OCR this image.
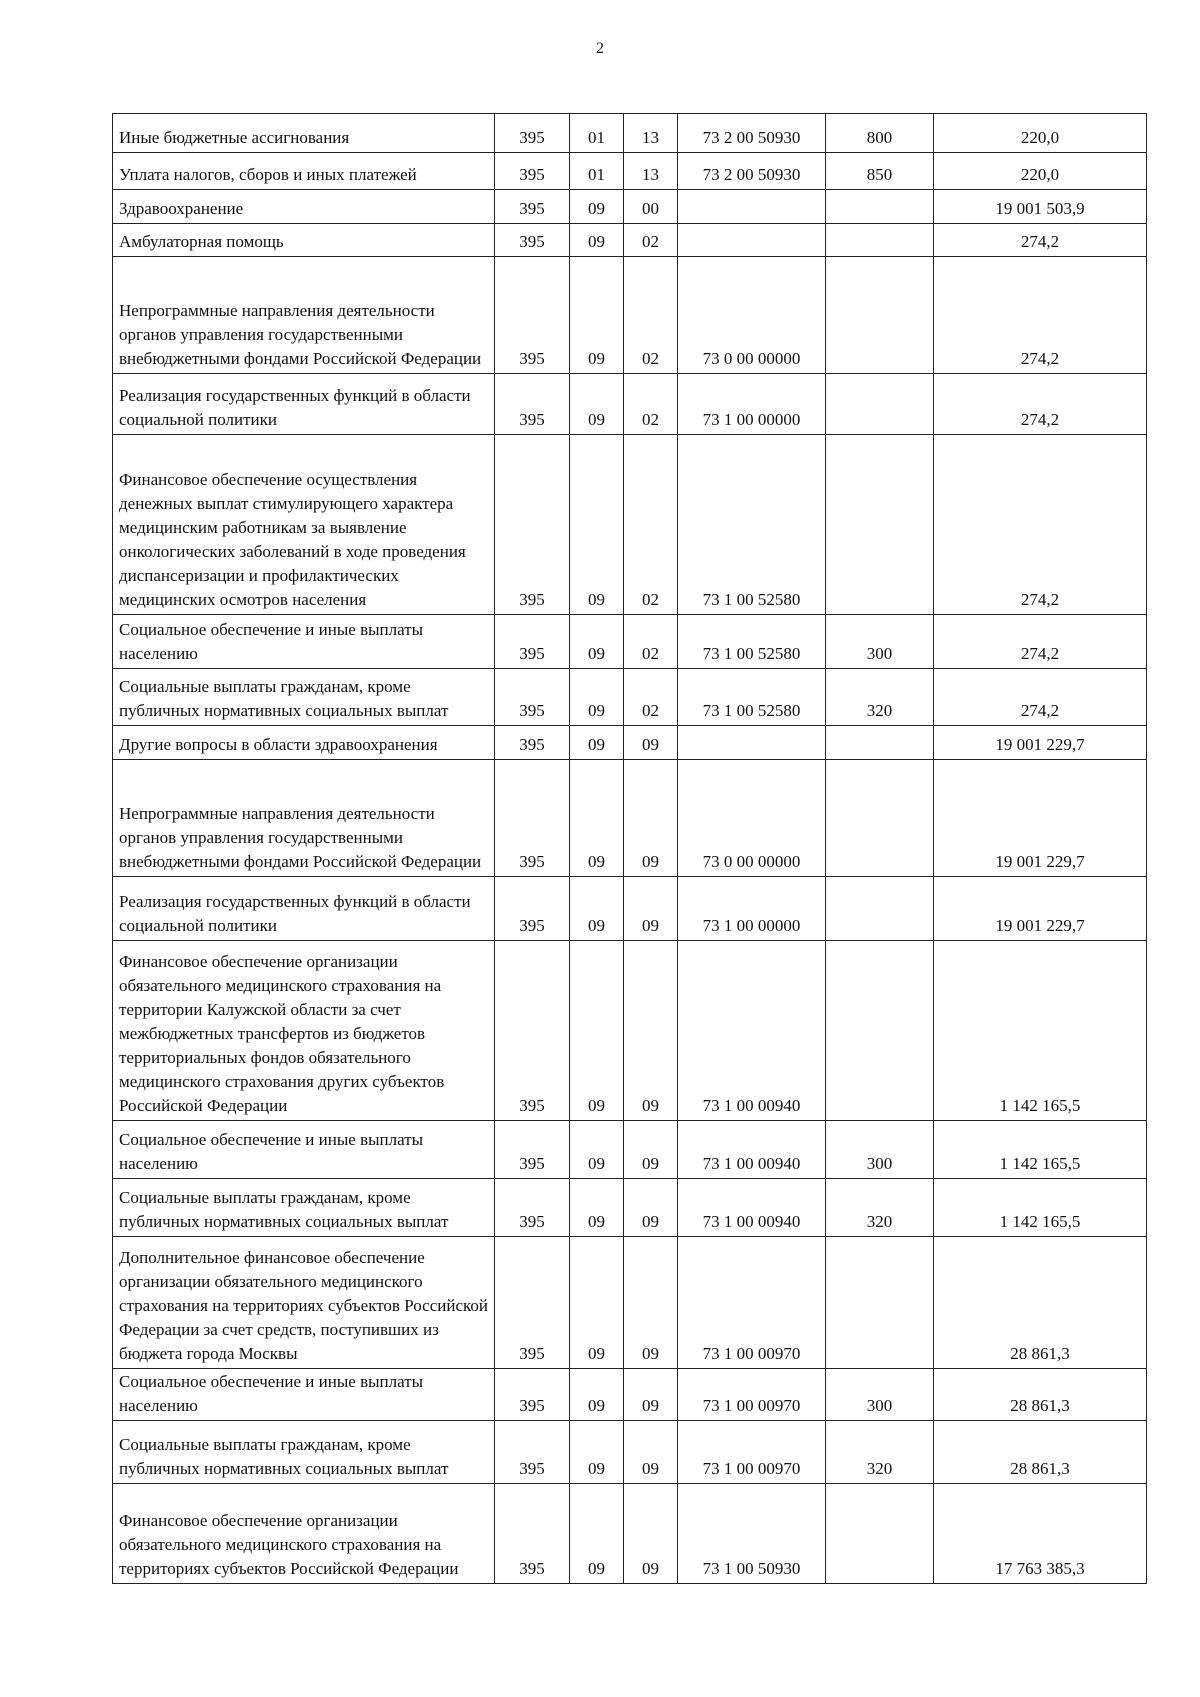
2
Иные бюджетные ассигнования	395	01	13	73 2 00 50930	800	220,0
Уплата налогов, сборов и иных платежей	395	01	13	73 2 00 50930	850	220,0
Здравоохранение	395	09	00			19 001 503,9
Амбулаторная помощь	395	09	02			274,2
Непрограммные направления деятельности органов управления государственными внебюджетными фондами Российской Федерации	395	09	02	73 0 00 00000		274,2
Реализация государственных функций в области социальной политики	395	09	02	73 1 00 00000		274,2
Финансовое обеспечение осуществления денежных выплат стимулирующего характера медицинским работникам за выявление онкологических заболеваний в ходе проведения диспансеризации и профилактических медицинских осмотров населения	395	09	02	73 1 00 52580		274,2
Социальное обеспечение и иные выплаты населению	395	09	02	73 1 00 52580	300	274,2
Социальные выплаты гражданам, кроме публичных нормативных социальных выплат	395	09	02	73 1 00 52580	320	274,2
Другие вопросы в области здравоохранения	395	09	09			19 001 229,7
Непрограммные направления деятельности органов управления государственными внебюджетными фондами Российской Федерации	395	09	09	73 0 00 00000		19 001 229,7
Реализация государственных функций в области социальной политики	395	09	09	73 1 00 00000		19 001 229,7
Финансовое обеспечение организации обязательного медицинского страхования на территории Калужской области за счет межбюджетных трансфертов из бюджетов территориальных фондов обязательного медицинского страхования других субъектов Российской Федерации	395	09	09	73 1 00 00940		1 142 165,5
Социальное обеспечение и иные выплаты населению	395	09	09	73 1 00 00940	300	1 142 165,5
Социальные выплаты гражданам, кроме публичных нормативных социальных выплат	395	09	09	73 1 00 00940	320	1 142 165,5
Дополнительное финансовое обеспечение организации обязательного медицинского страхования на территориях субъектов Российской Федерации за счет средств, поступивших из бюджета города Москвы	395	09	09	73 1 00 00970		28 861,3
Социальное обеспечение и иные выплаты населению	395	09	09	73 1 00 00970	300	28 861,3
Социальные выплаты гражданам, кроме публичных нормативных социальных выплат	395	09	09	73 1 00 00970	320	28 861,3
Финансовое обеспечение организации обязательного медицинского страхования на территориях субъектов Российской Федерации	395	09	09	73 1 00 50930		17 763 385,3
